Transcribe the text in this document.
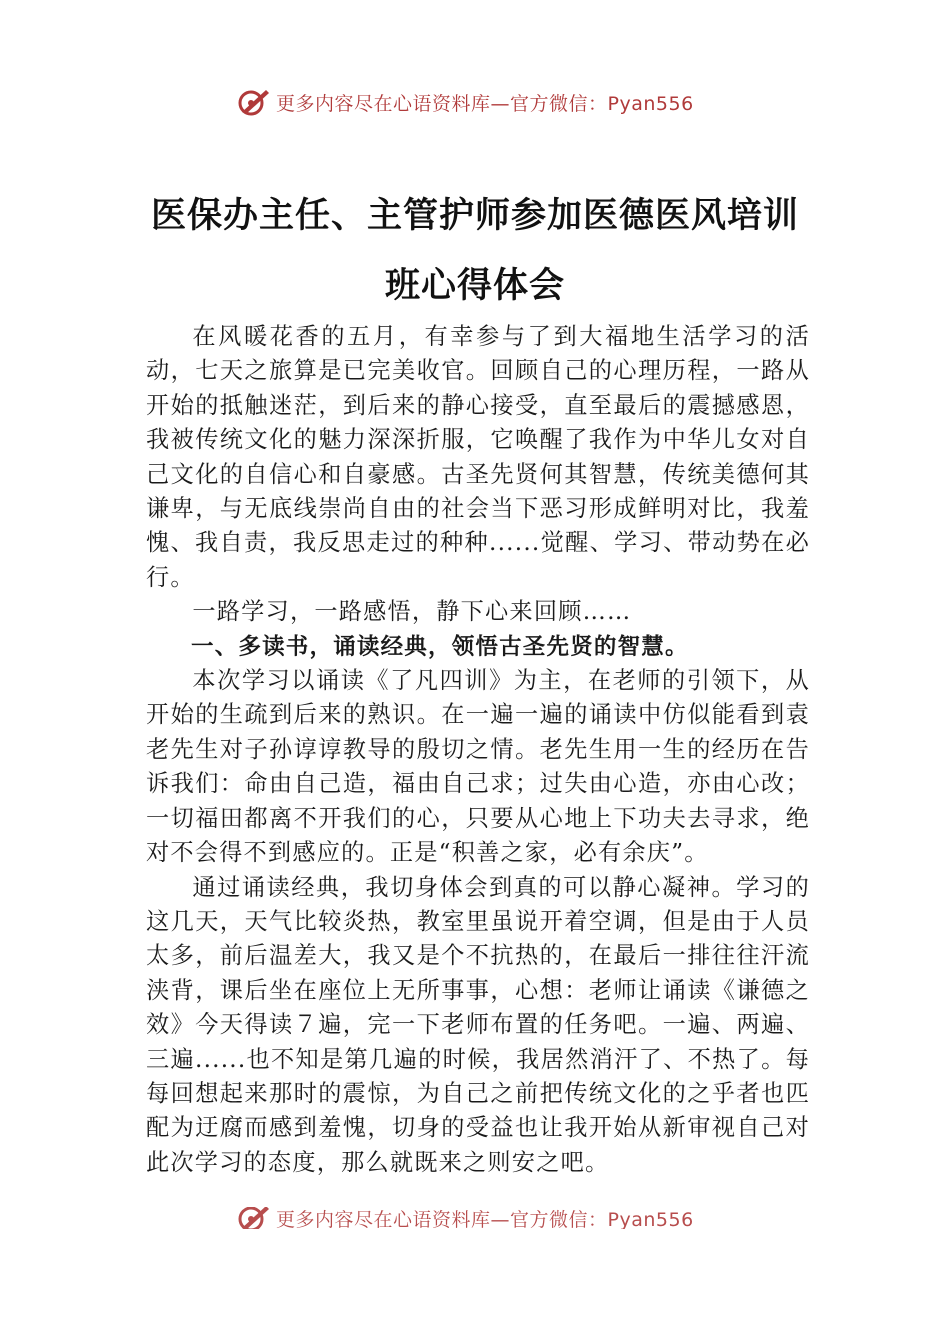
更多内容尽在心语资料库—官方微信：Pyan556
医保办主任、主管护师参加医德医风培训
班心得体会

在风暖花香的五月，有幸参与了到大福地生活学习的活动，七天之旅算是已完美收官。回顾自己的心理历程，一路从开始的抵触迷茫，到后来的静心接受，直至最后的震撼感恩，我被传统文化的魅力深深折服，它唤醒了我作为中华儿女对自己文化的自信心和自豪感。古圣先贤何其智慧，传统美德何其谦卑，与无底线崇尚自由的社会当下恶习形成鲜明对比，我羞愧、我自责，我反思走过的种种......觉醒、学习、带动势在必行。

一路学习，一路感悟，静下心来回顾……

一、多读书，诵读经典，领悟古圣先贤的智慧。

本次学习以诵读《了凡四训》为主，在老师的引领下，从开始的生疏到后来的熟识。在一遍一遍的诵读中仿似能看到袁老先生对子孙谆谆教导的殷切之情。老先生用一生的经历在告诉我们：命由自己造，福由自己求；过失由心造，亦由心改；一切福田都离不开我们的心，只要从心地上下功夫去寻求，绝对不会得不到感应的。正是“积善之家，必有余庆”。

通过诵读经典，我切身体会到真的可以静心凝神。学习的这几天，天气比较炎热，教室里虽说开着空调，但是由于人员太多，前后温差大，我又是个不抗热的，在最后一排往往汗流浃背，课后坐在座位上无所事事，心想：老师让诵读《谦德之效》今天得读７遍，完一下老师布置的任务吧。一遍、两遍、三遍......也不知是第几遍的时候，我居然消汗了、不热了。每每回想起来那时的震惊，为自己之前把传统文化的之乎者也匹配为迂腐而感到羞愧，切身的受益也让我开始从新审视自己对此次学习的态度，那么就既来之则安之吧。

更多内容尽在心语资料库—官方微信：Pyan556
